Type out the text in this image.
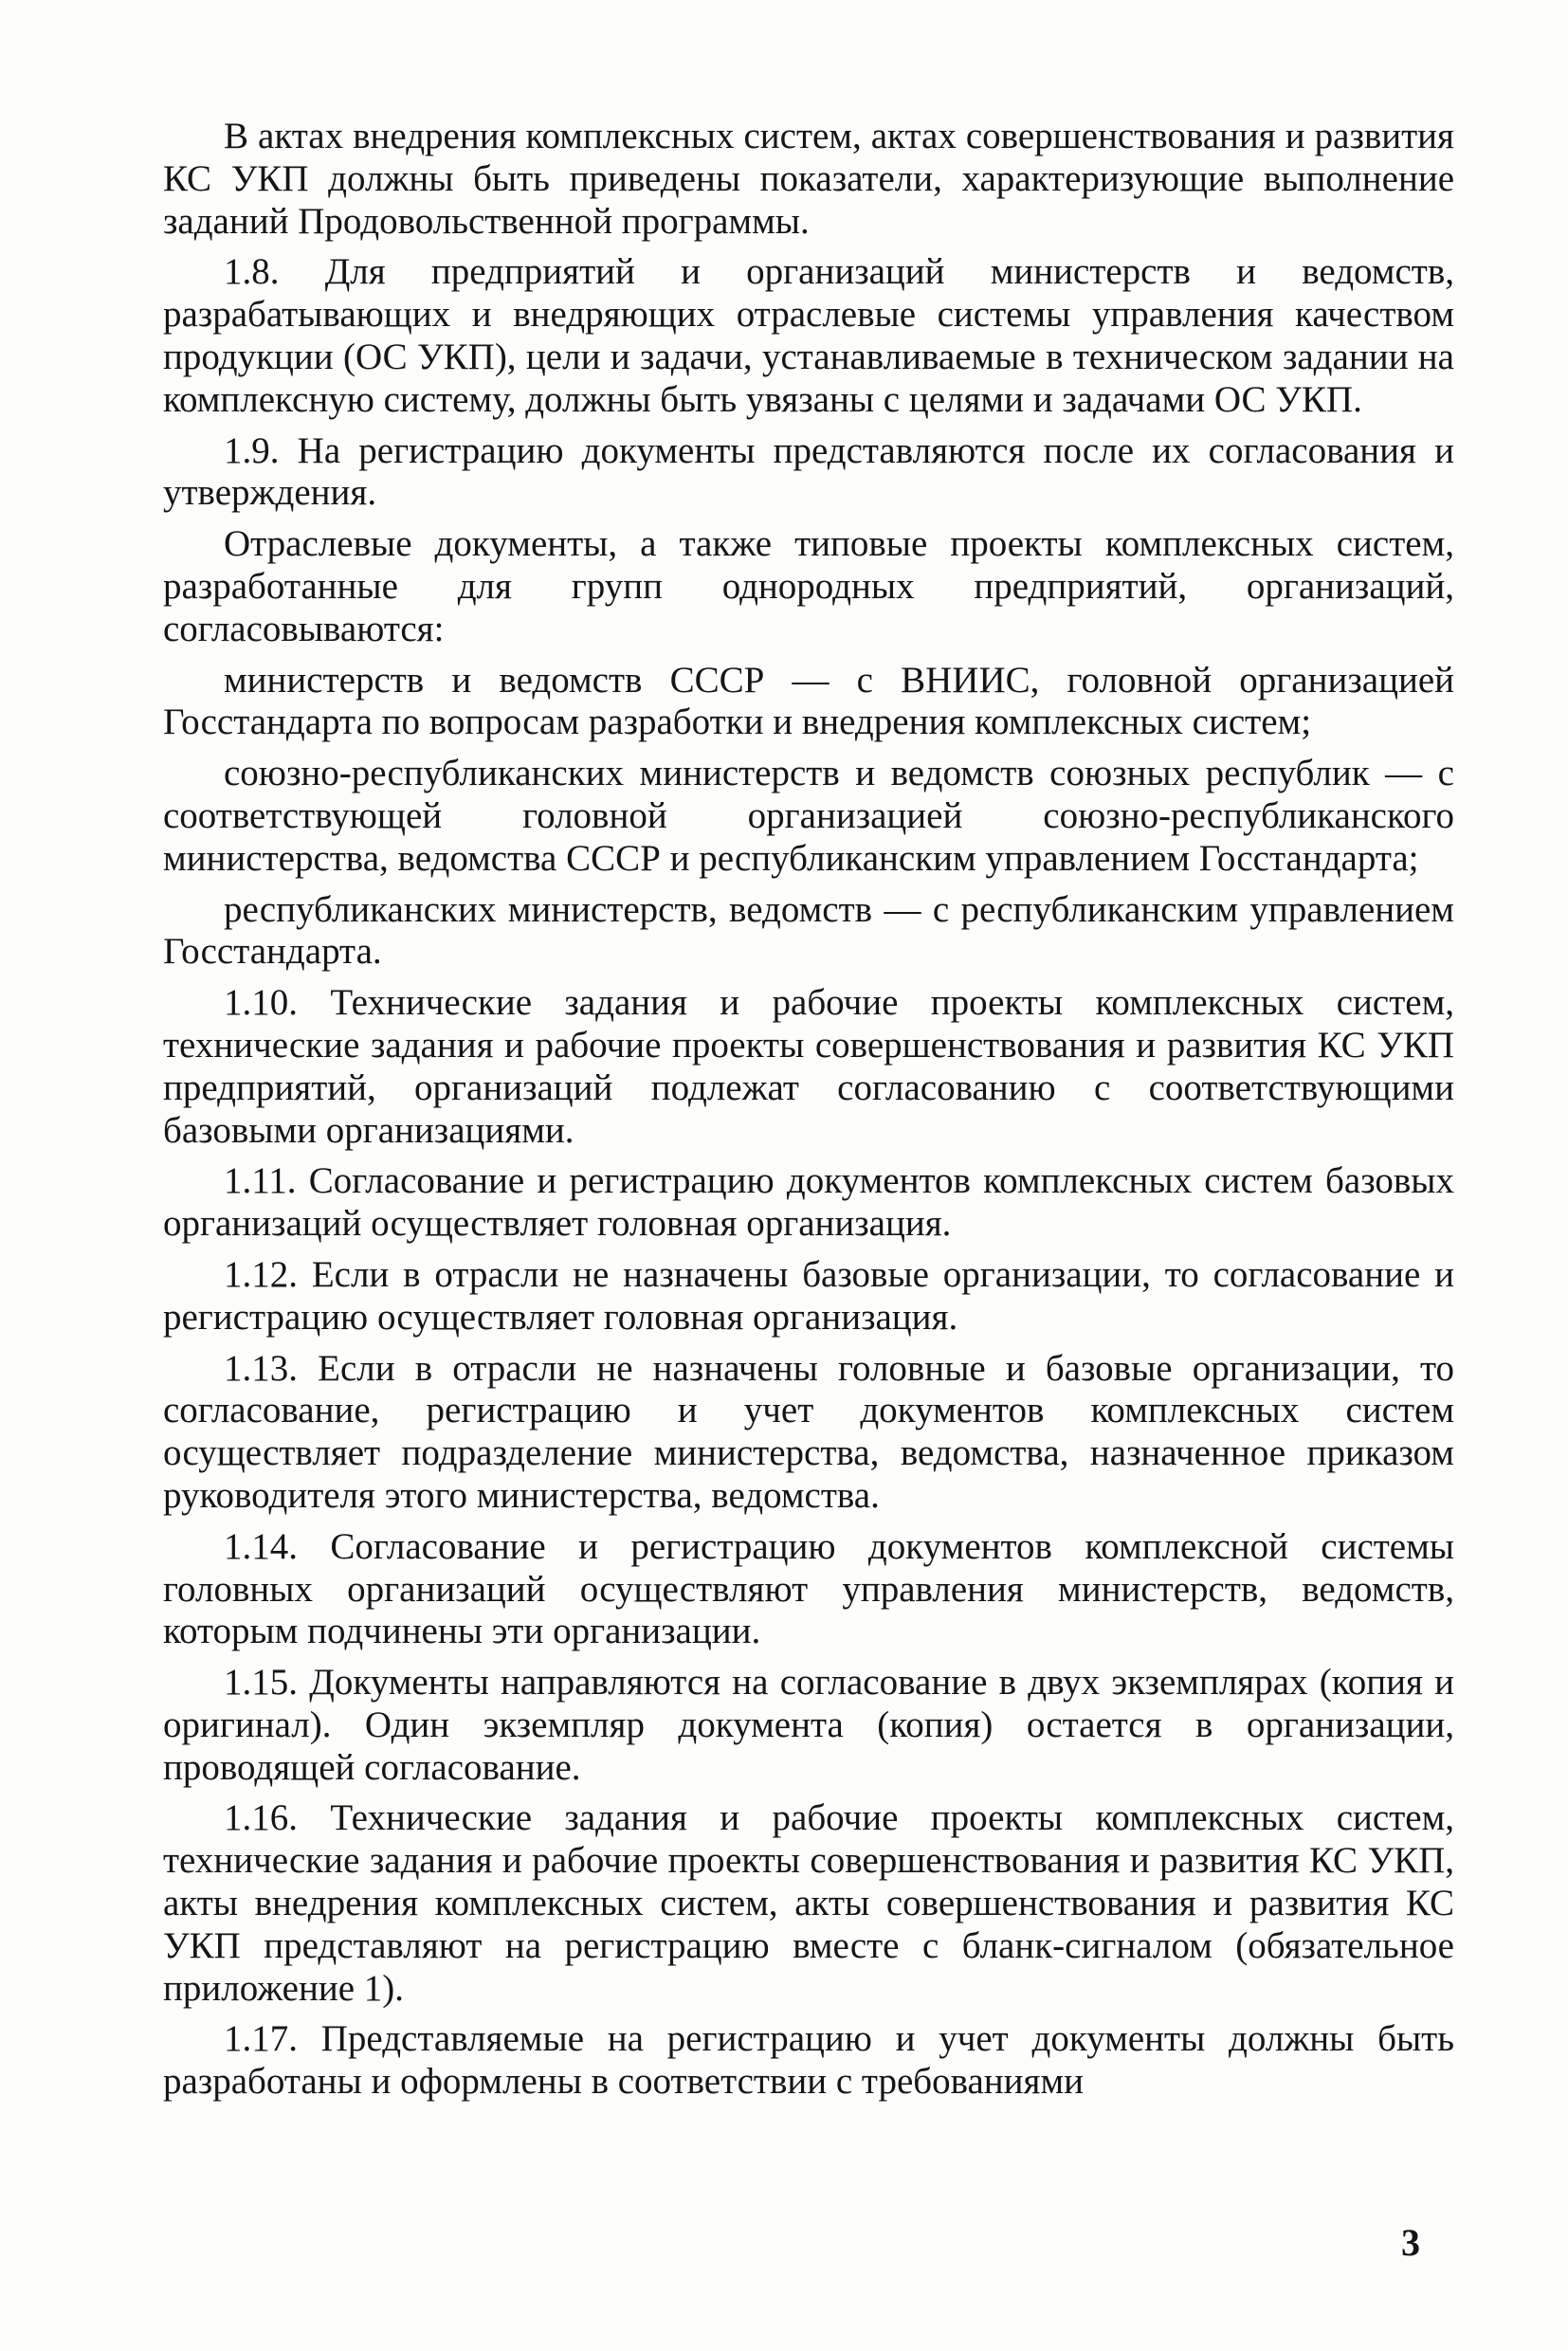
В актах внедрения комплексных систем, актах совершенствования и развития КС УКП должны быть приведены показатели, характеризующие выполнение заданий Продовольственной программы.

1.8. Для предприятий и организаций министерств и ведомств, разрабатывающих и внедряющих отраслевые системы управления качеством продукции (ОС УКП), цели и задачи, устанавливаемые в техническом задании на комплексную систему, должны быть увязаны с целями и задачами ОС УКП.

1.9. На регистрацию документы представляются после их согласования и утверждения.

Отраслевые документы, а также типовые проекты комплексных систем, разработанные для групп однородных предприятий, организаций, согласовываются:

министерств и ведомств СССР — с ВНИИС, головной организацией Госстандарта по вопросам разработки и внедрения комплексных систем;

союзно-республиканских министерств и ведомств союзных республик — с соответствующей головной организацией союзно-республиканского министерства, ведомства СССР и республиканским управлением Госстандарта;

республиканских министерств, ведомств — с республиканским управлением Госстандарта.

1.10. Технические задания и рабочие проекты комплексных систем, технические задания и рабочие проекты совершенствования и развития КС УКП предприятий, организаций подлежат согласованию с соответствующими базовыми организациями.

1.11. Согласование и регистрацию документов комплексных систем базовых организаций осуществляет головная организация.

1.12. Если в отрасли не назначены базовые организации, то согласование и регистрацию осуществляет головная организация.

1.13. Если в отрасли не назначены головные и базовые организации, то согласование, регистрацию и учет документов комплексных систем осуществляет подразделение министерства, ведомства, назначенное приказом руководителя этого министерства, ведомства.

1.14. Согласование и регистрацию документов комплексной системы головных организаций осуществляют управления министерств, ведомств, которым подчинены эти организации.

1.15. Документы направляются на согласование в двух экземплярах (копия и оригинал). Один экземпляр документа (копия) остается в организации, проводящей согласование.

1.16. Технические задания и рабочие проекты комплексных систем, технические задания и рабочие проекты совершенствования и развития КС УКП, акты внедрения комплексных систем, акты совершенствования и развития КС УКП представляют на регистрацию вместе с бланк-сигналом (обязательное приложение 1).

1.17. Представляемые на регистрацию и учет документы должны быть разработаны и оформлены в соответствии с требованиями

3
